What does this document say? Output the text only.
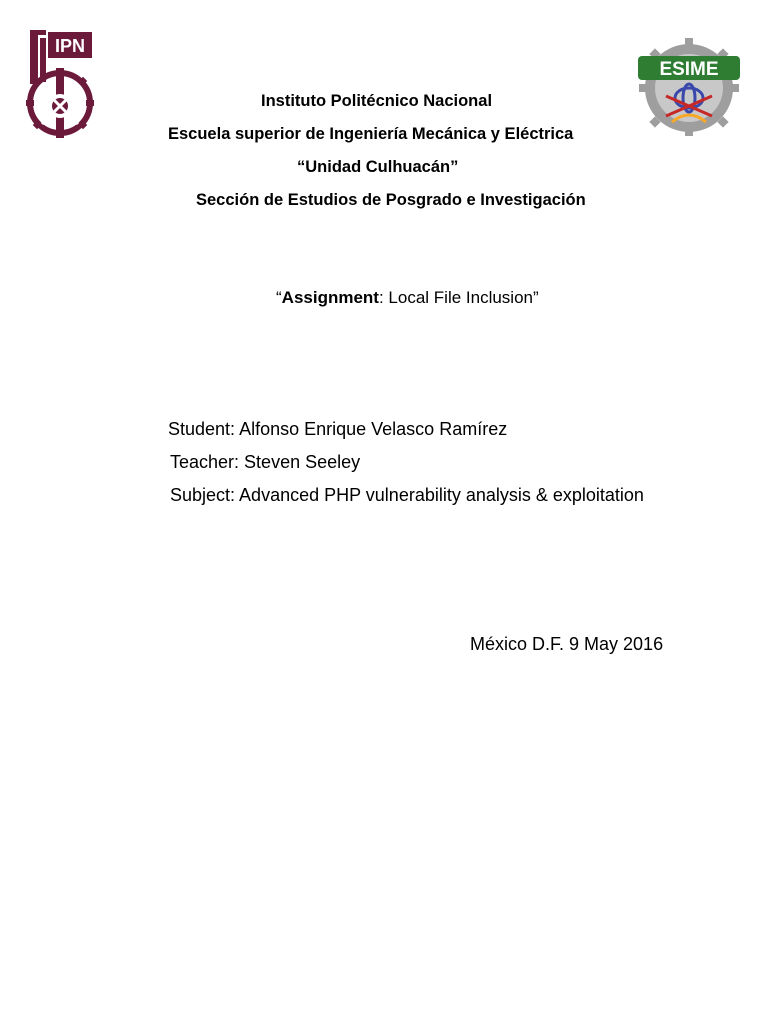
IPN
ESIME
Instituto Politécnico Nacional
Escuela superior de Ingeniería Mecánica y Eléctrica
“Unidad Culhuacán”
Sección de Estudios de Posgrado e Investigación
“Assignment: Local File Inclusion”
Student: Alfonso Enrique Velasco Ramírez
Teacher: Steven Seeley
Subject: Advanced PHP vulnerability analysis & exploitation
México D.F. 9 May 2016
